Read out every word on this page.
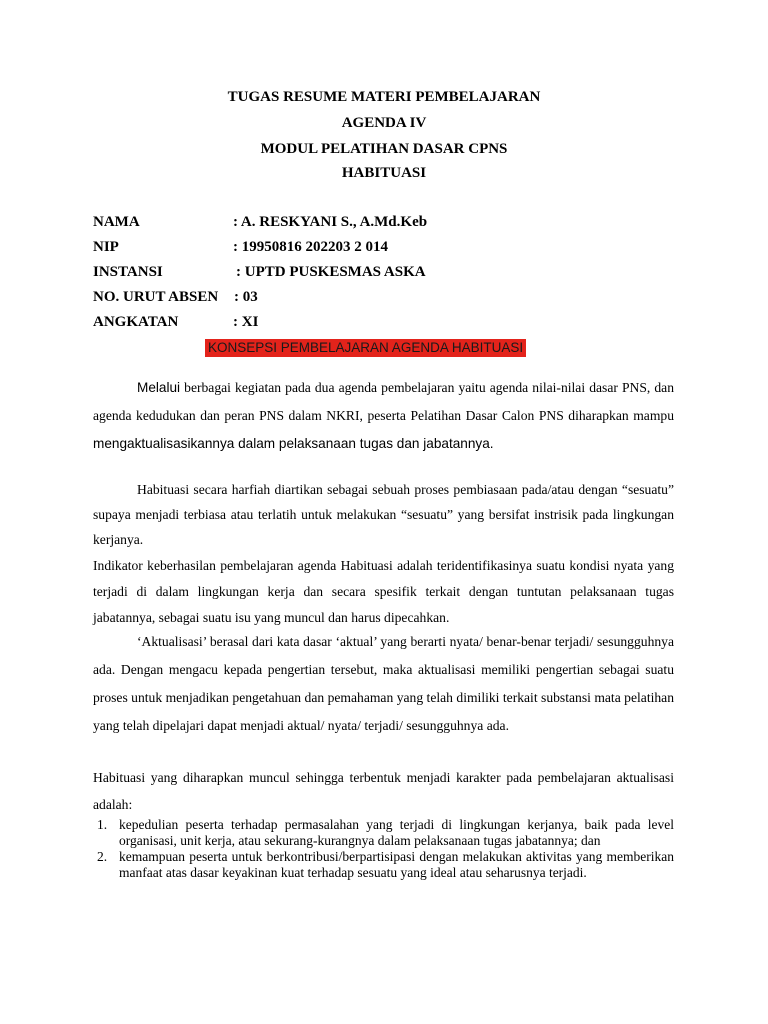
TUGAS RESUME MATERI PEMBELAJARAN
AGENDA IV
MODUL PELATIHAN DASAR CPNS
HABITUASI
NAMA	: A. RESKYANI S., A.Md.Keb
NIP	: 19950816 202203 2 014
INSTANSI	: UPTD PUSKESMAS ASKA
NO. URUT ABSEN : 03
ANGKATAN	: XI
KONSEPSI PEMBELAJARAN AGENDA HABITUASI
Melalui berbagai kegiatan pada dua agenda pembelajaran yaitu agenda nilai-nilai dasar PNS, dan agenda kedudukan dan peran PNS dalam NKRI, peserta Pelatihan Dasar Calon PNS diharapkan mampu mengaktualisasikannya dalam pelaksanaan tugas dan jabatannya.
Habituasi secara harfiah diartikan sebagai sebuah proses pembiasaan pada/atau dengan “sesuatu” supaya menjadi terbiasa atau terlatih untuk melakukan “sesuatu” yang bersifat instrisik pada lingkungan kerjanya.
Indikator keberhasilan pembelajaran agenda Habituasi adalah teridentifikasinya suatu kondisi nyata yang terjadi di dalam lingkungan kerja dan secara spesifik terkait dengan tuntutan pelaksanaan tugas jabatannya, sebagai suatu isu yang muncul dan harus dipecahkan.
‘Aktualisasi’ berasal dari kata dasar ‘aktual’ yang berarti nyata/ benar-benar terjadi/ sesungguhnya ada. Dengan mengacu kepada pengertian tersebut, maka aktualisasi memiliki pengertian sebagai suatu proses untuk menjadikan pengetahuan dan pemahaman yang telah dimiliki terkait substansi mata pelatihan yang telah dipelajari dapat menjadi aktual/ nyata/ terjadi/ sesungguhnya ada.
Habituasi yang diharapkan muncul sehingga terbentuk menjadi karakter pada pembelajaran aktualisasi adalah:
1. kepedulian peserta terhadap permasalahan yang terjadi di lingkungan kerjanya, baik pada level organisasi, unit kerja, atau sekurang-kurangnya dalam pelaksanaan tugas jabatannya; dan
2. kemampuan peserta untuk berkontribusi/berpartisipasi dengan melakukan aktivitas yang memberikan manfaat atas dasar keyakinan kuat terhadap sesuatu yang ideal atau seharusnya terjadi.
